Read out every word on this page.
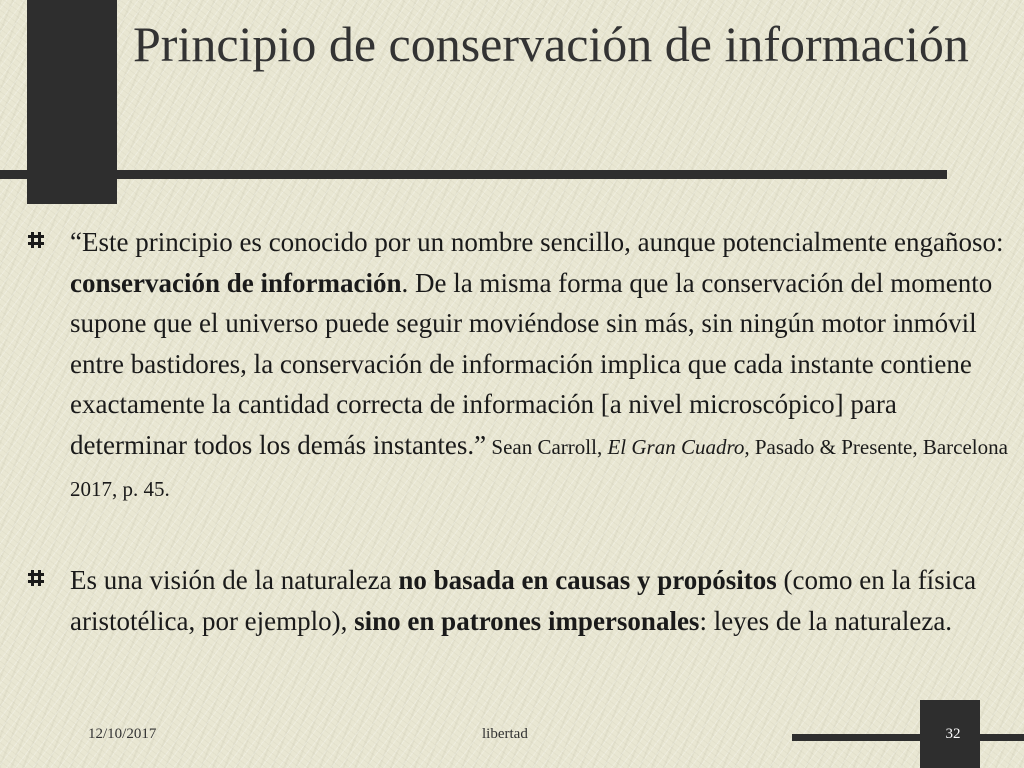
Principio de conservación de información

“Este principio es conocido por un nombre sencillo, aunque potencialmente engañoso: conservación de información. De la misma forma que la conservación del momento supone que el universo puede seguir moviéndose sin más, sin ningún motor inmóvil entre bastidores, la conservación de información implica que cada instante contiene exactamente la cantidad correcta de información [a nivel microscópico] para determinar todos los demás instantes.” Sean Carroll, El Gran Cuadro, Pasado & Presente, Barcelona 2017, p. 45.

Es una visión de la naturaleza no basada en causas y propósitos (como en la física aristotélica, por ejemplo), sino en patrones impersonales: leyes de la naturaleza.

12/10/2017	libertad	32
